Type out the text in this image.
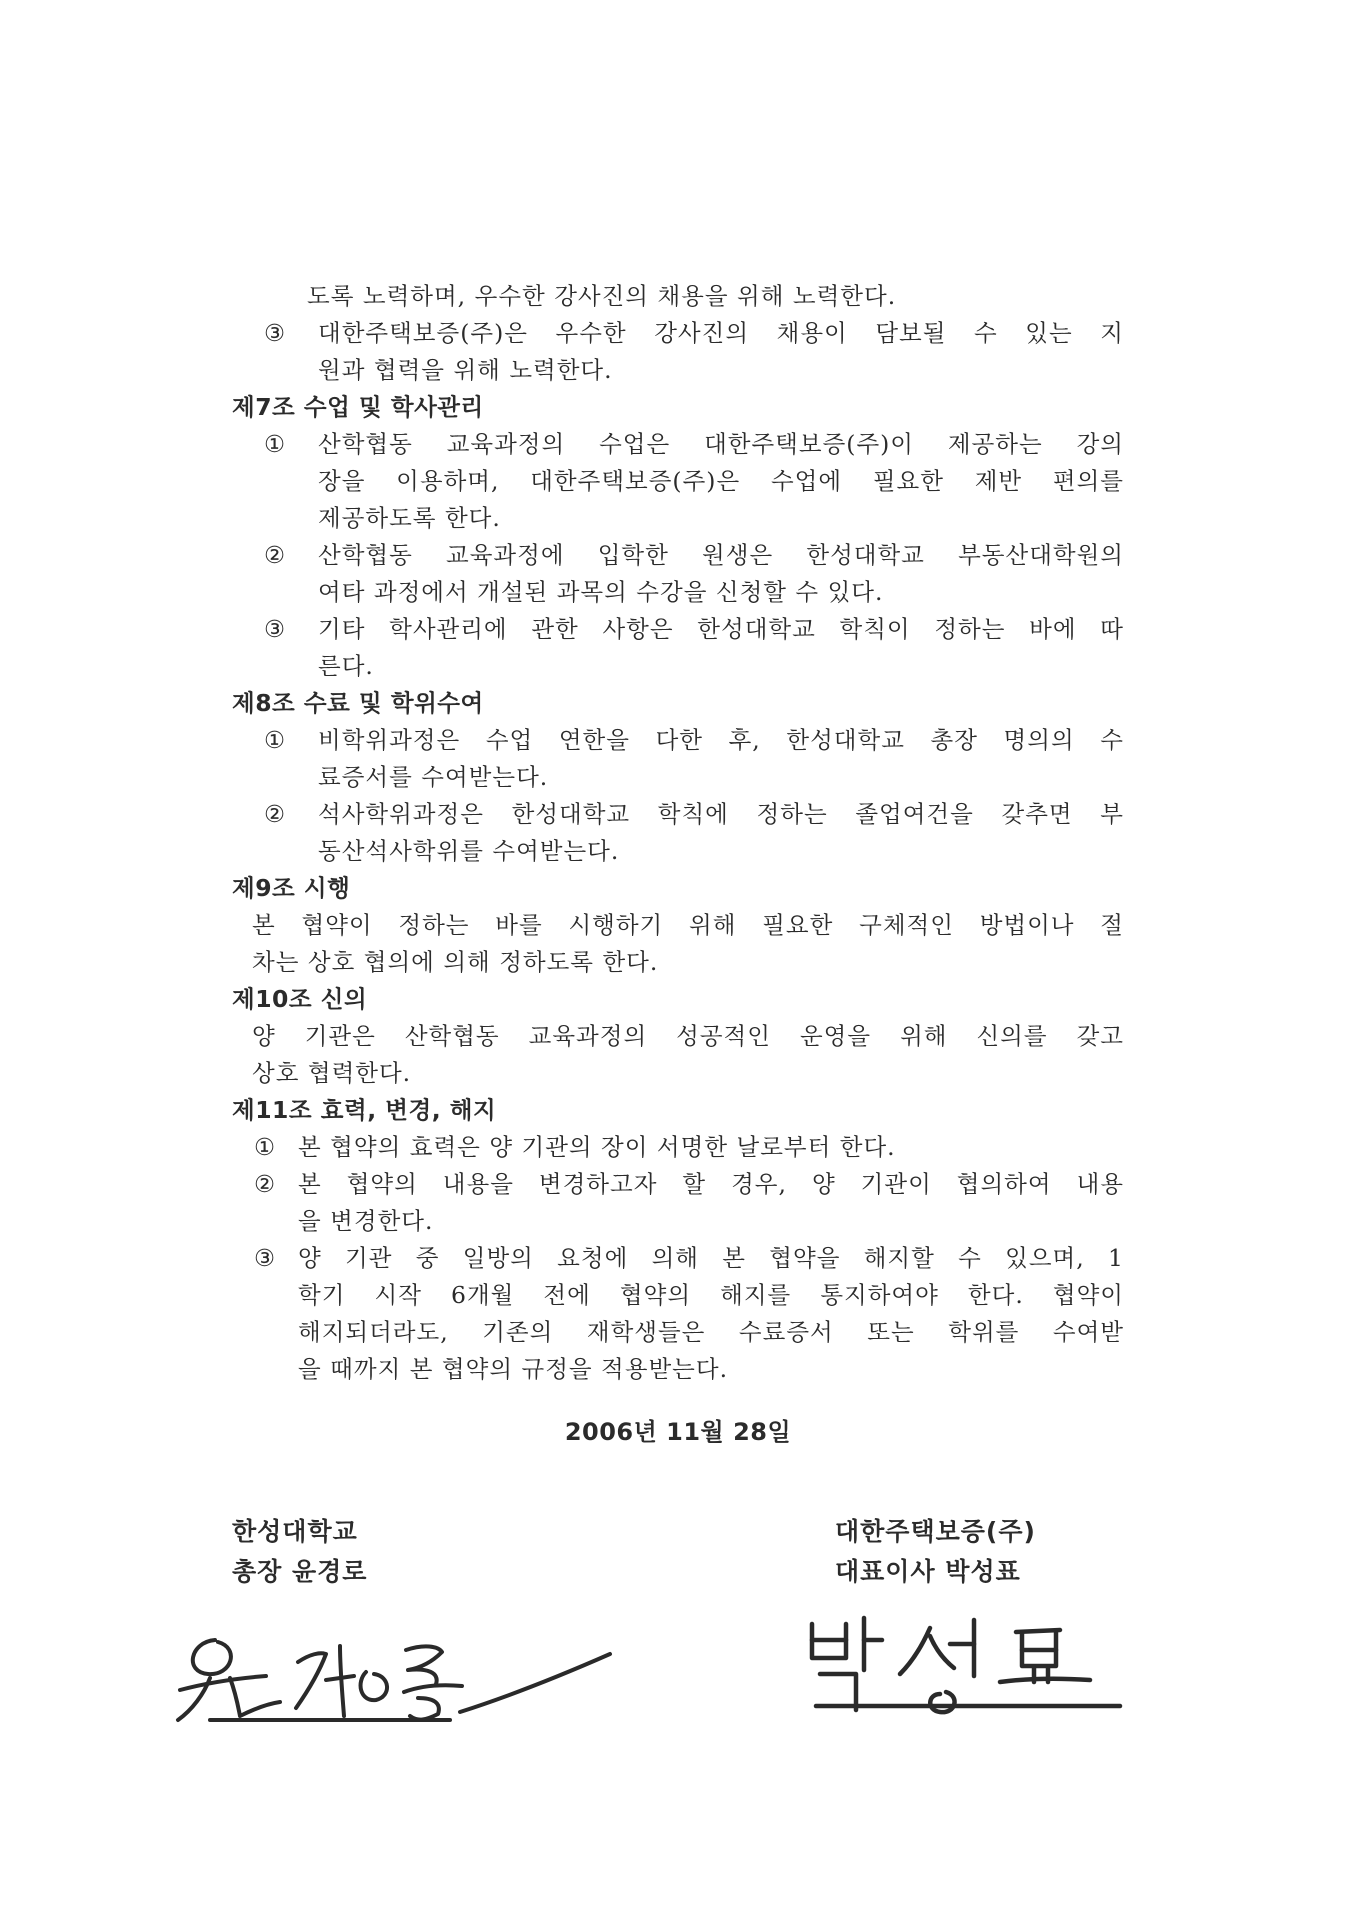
도록 노력하며, 우수한 강사진의 채용을 위해 노력한다.
③	대한주택보증(주)은 우수한 강사진의 채용이 담보될 수 있는 지
원과 협력을 위해 노력한다.
제7조 수업 및 학사관리
①	산학협동 교육과정의 수업은 대한주택보증(주)이 제공하는 강의
장을 이용하며, 대한주택보증(주)은 수업에 필요한 제반 편의를
제공하도록 한다.
②	산학협동 교육과정에 입학한 원생은 한성대학교 부동산대학원의
여타 과정에서 개설된 과목의 수강을 신청할 수 있다.
③	기타 학사관리에 관한 사항은 한성대학교 학칙이 정하는 바에 따
른다.
제8조 수료 및 학위수여
①	비학위과정은 수업 연한을 다한 후, 한성대학교 총장 명의의 수
료증서를 수여받는다.
②	석사학위과정은 한성대학교 학칙에 정하는 졸업여건을 갖추면 부
동산석사학위를 수여받는다.
제9조 시행
본 협약이 정하는 바를 시행하기 위해 필요한 구체적인 방법이나 절
차는 상호 협의에 의해 정하도록 한다.
제10조 신의
양 기관은 산학협동 교육과정의 성공적인 운영을 위해 신의를 갖고
상호 협력한다.
제11조 효력, 변경, 해지
① 본 협약의 효력은 양 기관의 장이 서명한 날로부터 한다.
② 본 협약의 내용을 변경하고자 할 경우, 양 기관이 협의하여 내용
을 변경한다.
③ 양 기관 중 일방의 요청에 의해 본 협약을 해지할 수 있으며, 1
학기 시작 6개월 전에 협약의 해지를 통지하여야 한다. 협약이
해지되더라도, 기존의 재학생들은 수료증서 또는 학위를 수여받
을 때까지 본 협약의 규정을 적용받는다.
2006년 11월 28일
한성대학교
총장 윤경로
대한주택보증(주)
대표이사 박성표
